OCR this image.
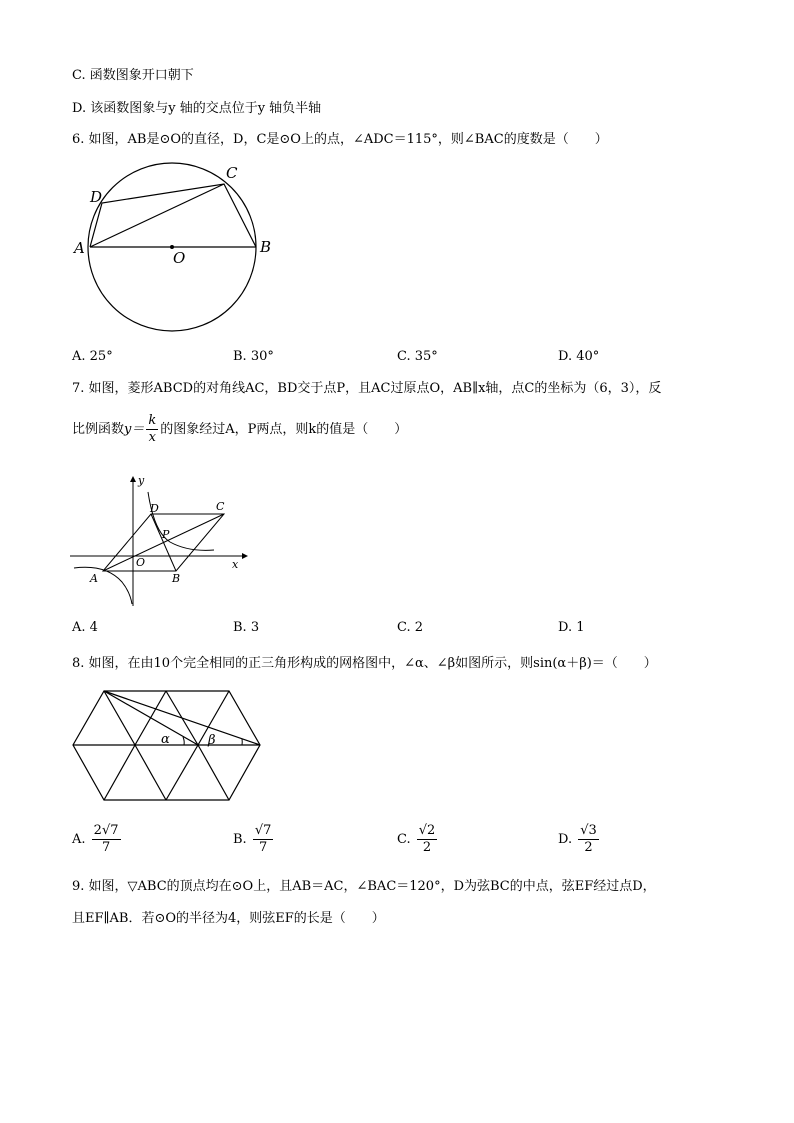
C. 函数图象开口朝下
D. 该函数图象与y 轴的交点位于y 轴负半轴
6. 如图，AB是⊙O的直径，D，C是⊙O上的点，∠ADC＝115°，则∠BAC的度数是（　　）
A	B
C
D
O
A. 25°	B. 30°	C. 35°	D. 40°
7. 如图，菱形ABCD的对角线AC，BD交于点P，且AC过原点O，AB∥x轴，点C的坐标为（6，3），反
比例函数$y= \frac{k}{x}$ 的图象经过A，P两点，则k的值是（　　）
y
x
A	B
C
D
O
P
A. 4	B. 3	C. 2	D. 1
8. 如图，在由10个完全相同的正三角形构成的网格图中，∠α、∠β如图所示，则sin(α＋β)＝（　　）
α	β
A. $\frac{2√7}{7}$	B. $\frac{√7}{7}$	C. $\frac{√2}{2}$	D. $\frac{√3}{2}$
9. 如图，▽ABC的顶点均在⊙O上，且AB＝AC，∠BAC＝120°，D为弦BC的中点，弦EF经过点D，
且EF∥AB．若⊙O的半径为4，则弦EF的长是（　　）
